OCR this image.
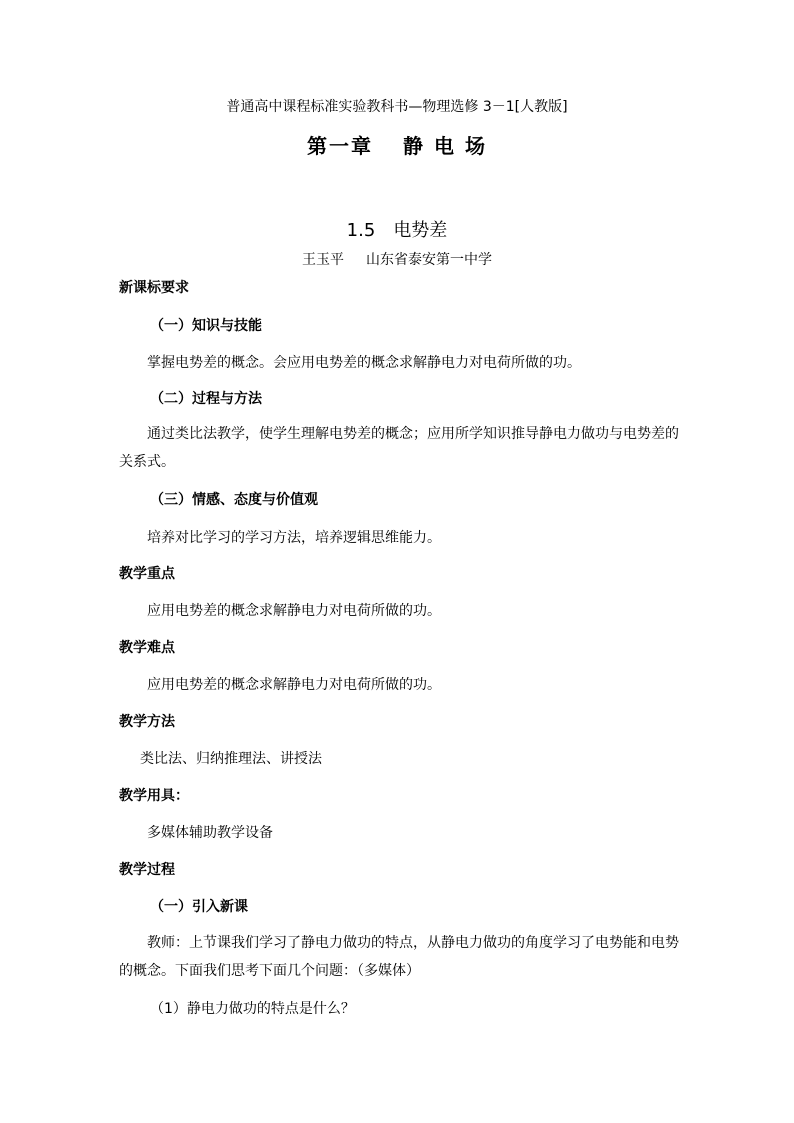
普通高中课程标准实验教科书—物理选修 3－1[人教版]
第一章 静 电 场
1.5 电势差
王玉平 山东省泰安第一中学
新课标要求
（一）知识与技能
掌握电势差的概念。会应用电势差的概念求解静电力对电荷所做的功。
（二）过程与方法
通过类比法教学，使学生理解电势差的概念；应用所学知识推导静电力做功与电势差的关系式。
（三）情感、态度与价值观
培养对比学习的学习方法，培养逻辑思维能力。
教学重点
应用电势差的概念求解静电力对电荷所做的功。
教学难点
应用电势差的概念求解静电力对电荷所做的功。
教学方法
类比法、归纳推理法、讲授法
教学用具：
多媒体辅助教学设备
教学过程
（一）引入新课
教师：上节课我们学习了静电力做功的特点，从静电力做功的角度学习了电势能和电势的概念。下面我们思考下面几个问题：（多媒体）
（1）静电力做功的特点是什么？
